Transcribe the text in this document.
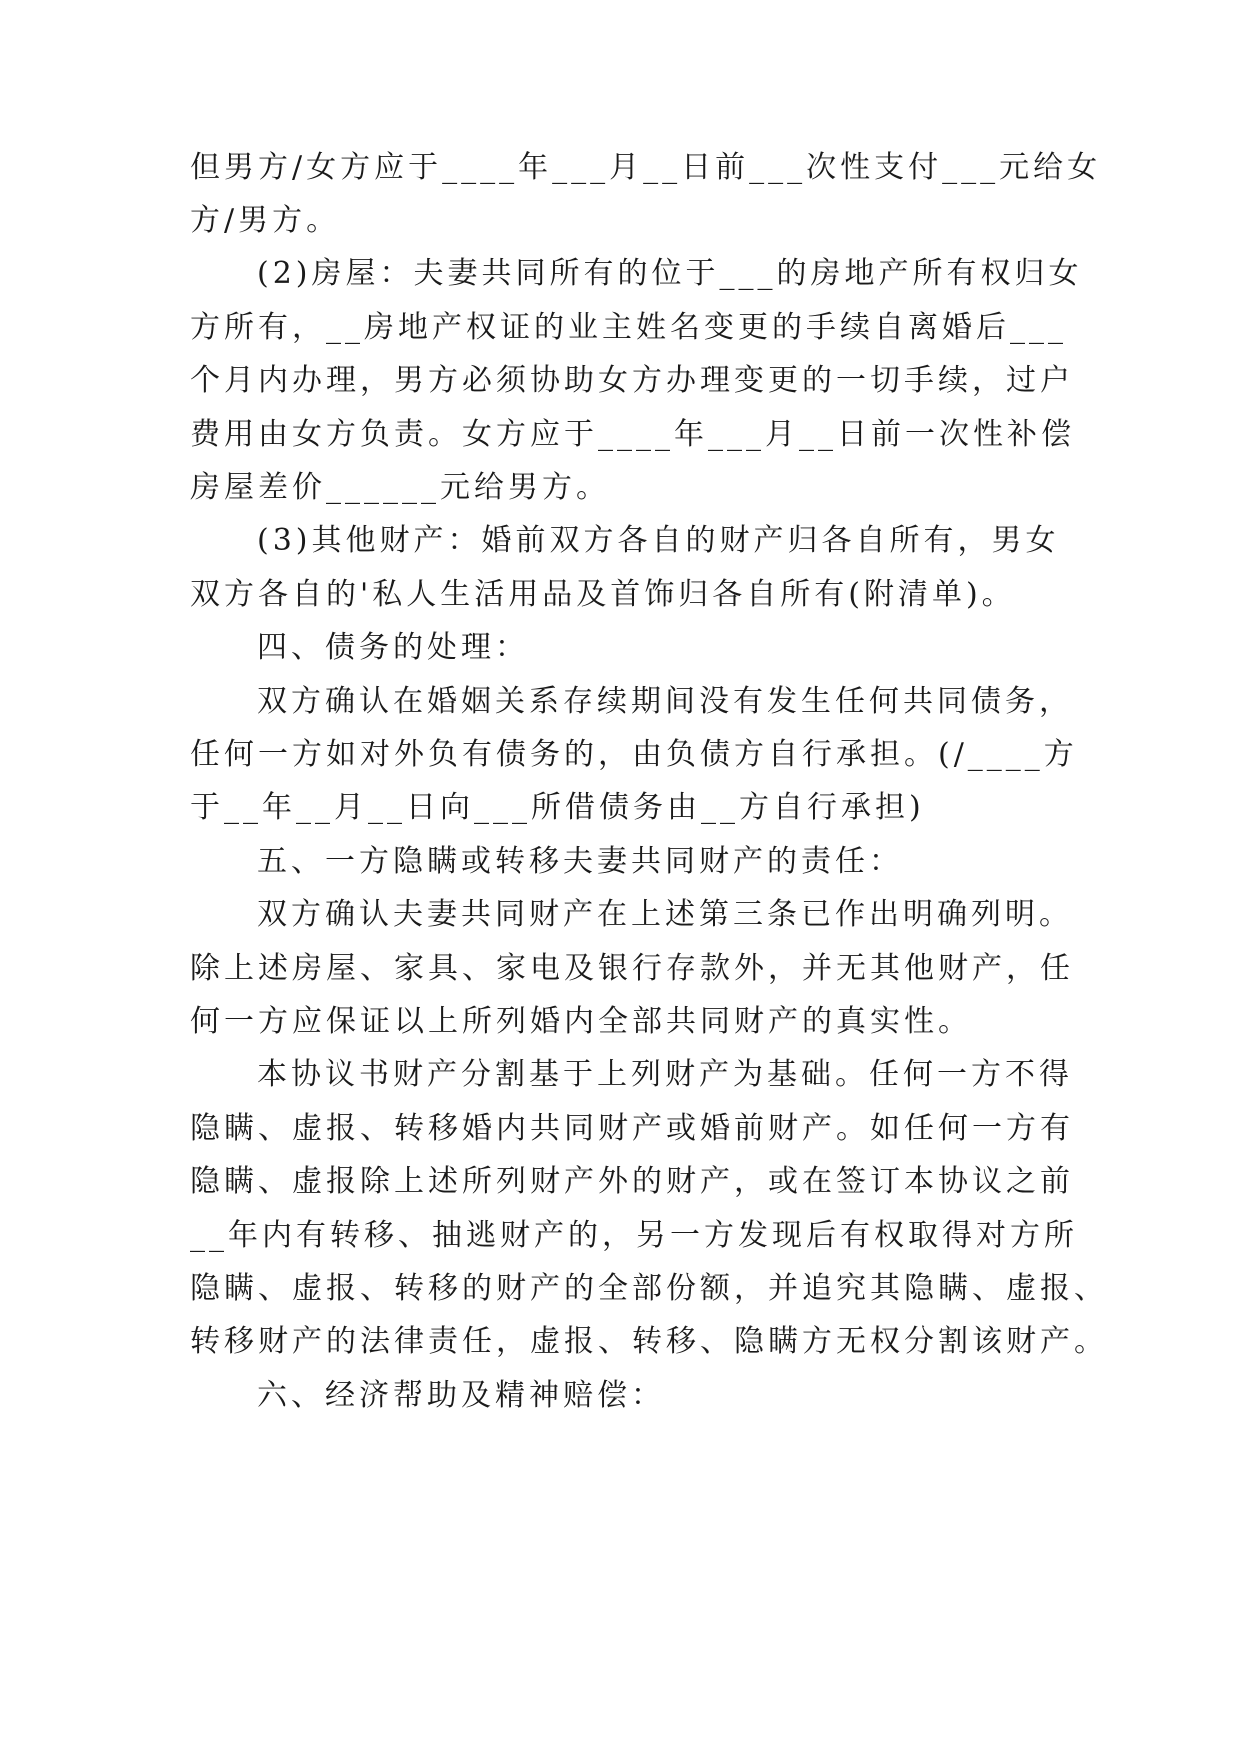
但男方/女方应于____年___月__日前___次性支付___元给女
方/男方。
(2)房屋：夫妻共同所有的位于___的房地产所有权归女
方所有，__房地产权证的业主姓名变更的手续自离婚后___
个月内办理，男方必须协助女方办理变更的一切手续，过户
费用由女方负责。女方应于____年___月__日前一次性补偿
房屋差价______元给男方。
(3)其他财产：婚前双方各自的财产归各自所有，男女
双方各自的'私人生活用品及首饰归各自所有(附清单)。
四、债务的处理：
双方确认在婚姻关系存续期间没有发生任何共同债务，
任何一方如对外负有债务的，由负债方自行承担。(/____方
于__年__月__日向___所借债务由__方自行承担)
五、一方隐瞒或转移夫妻共同财产的责任：
双方确认夫妻共同财产在上述第三条已作出明确列明。
除上述房屋、家具、家电及银行存款外，并无其他财产，任
何一方应保证以上所列婚内全部共同财产的真实性。
本协议书财产分割基于上列财产为基础。任何一方不得
隐瞒、虚报、转移婚内共同财产或婚前财产。如任何一方有
隐瞒、虚报除上述所列财产外的财产，或在签订本协议之前
__年内有转移、抽逃财产的，另一方发现后有权取得对方所
隐瞒、虚报、转移的财产的全部份额，并追究其隐瞒、虚报、
转移财产的法律责任，虚报、转移、隐瞒方无权分割该财产。
六、经济帮助及精神赔偿：
